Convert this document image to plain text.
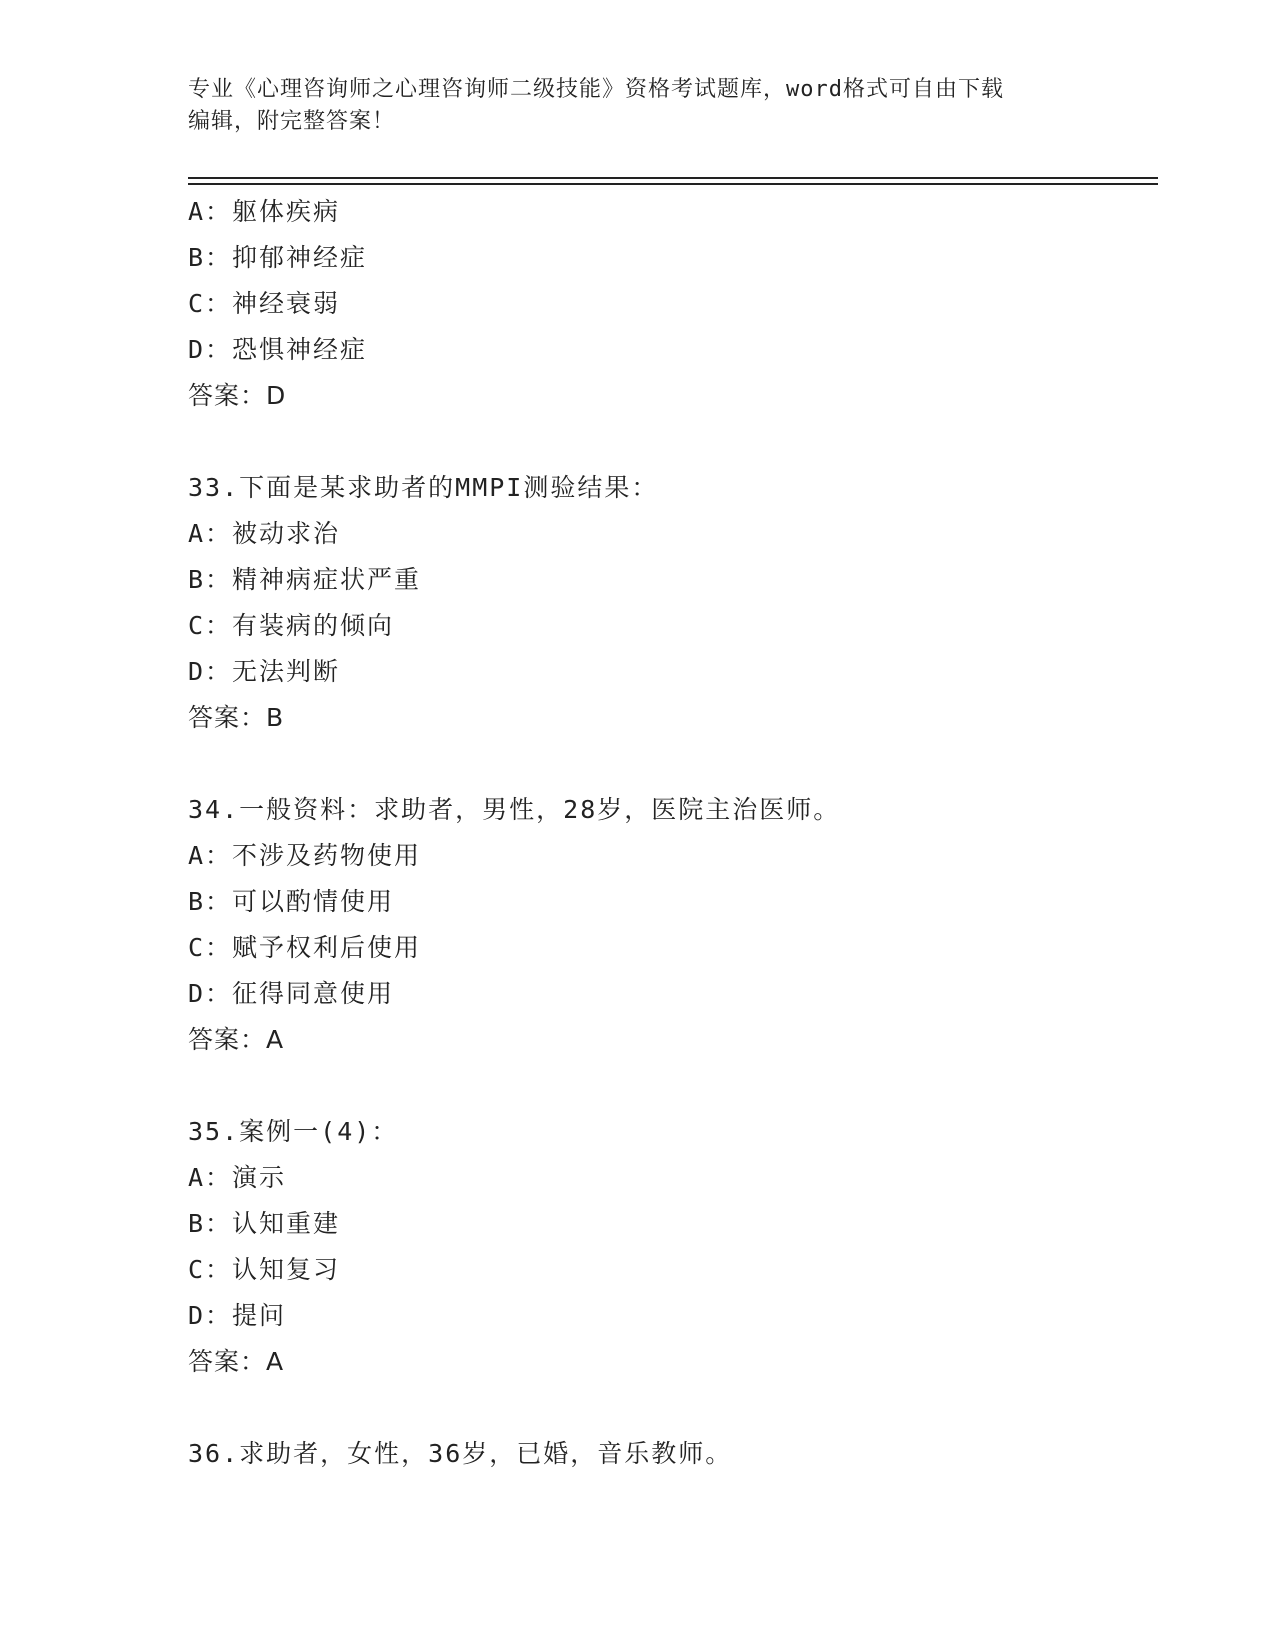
专业《心理咨询师之心理咨询师二级技能》资格考试题库，word格式可自由下载

编辑，附完整答案！

A：躯体疾病
B：抑郁神经症
C：神经衰弱
D：恐惧神经症
答案：D
33.下面是某求助者的MMPI测验结果：
A：被动求治
B：精神病症状严重
C：有装病的倾向
D：无法判断
答案：B
34.一般资料：求助者，男性，28岁，医院主治医师。
A：不涉及药物使用
B：可以酌情使用
C：赋予权利后使用
D：征得同意使用
答案：A
35.案例一(4)：
A：演示
B：认知重建
C：认知复习
D：提问
答案：A
36.求助者，女性，36岁，已婚，音乐教师。
